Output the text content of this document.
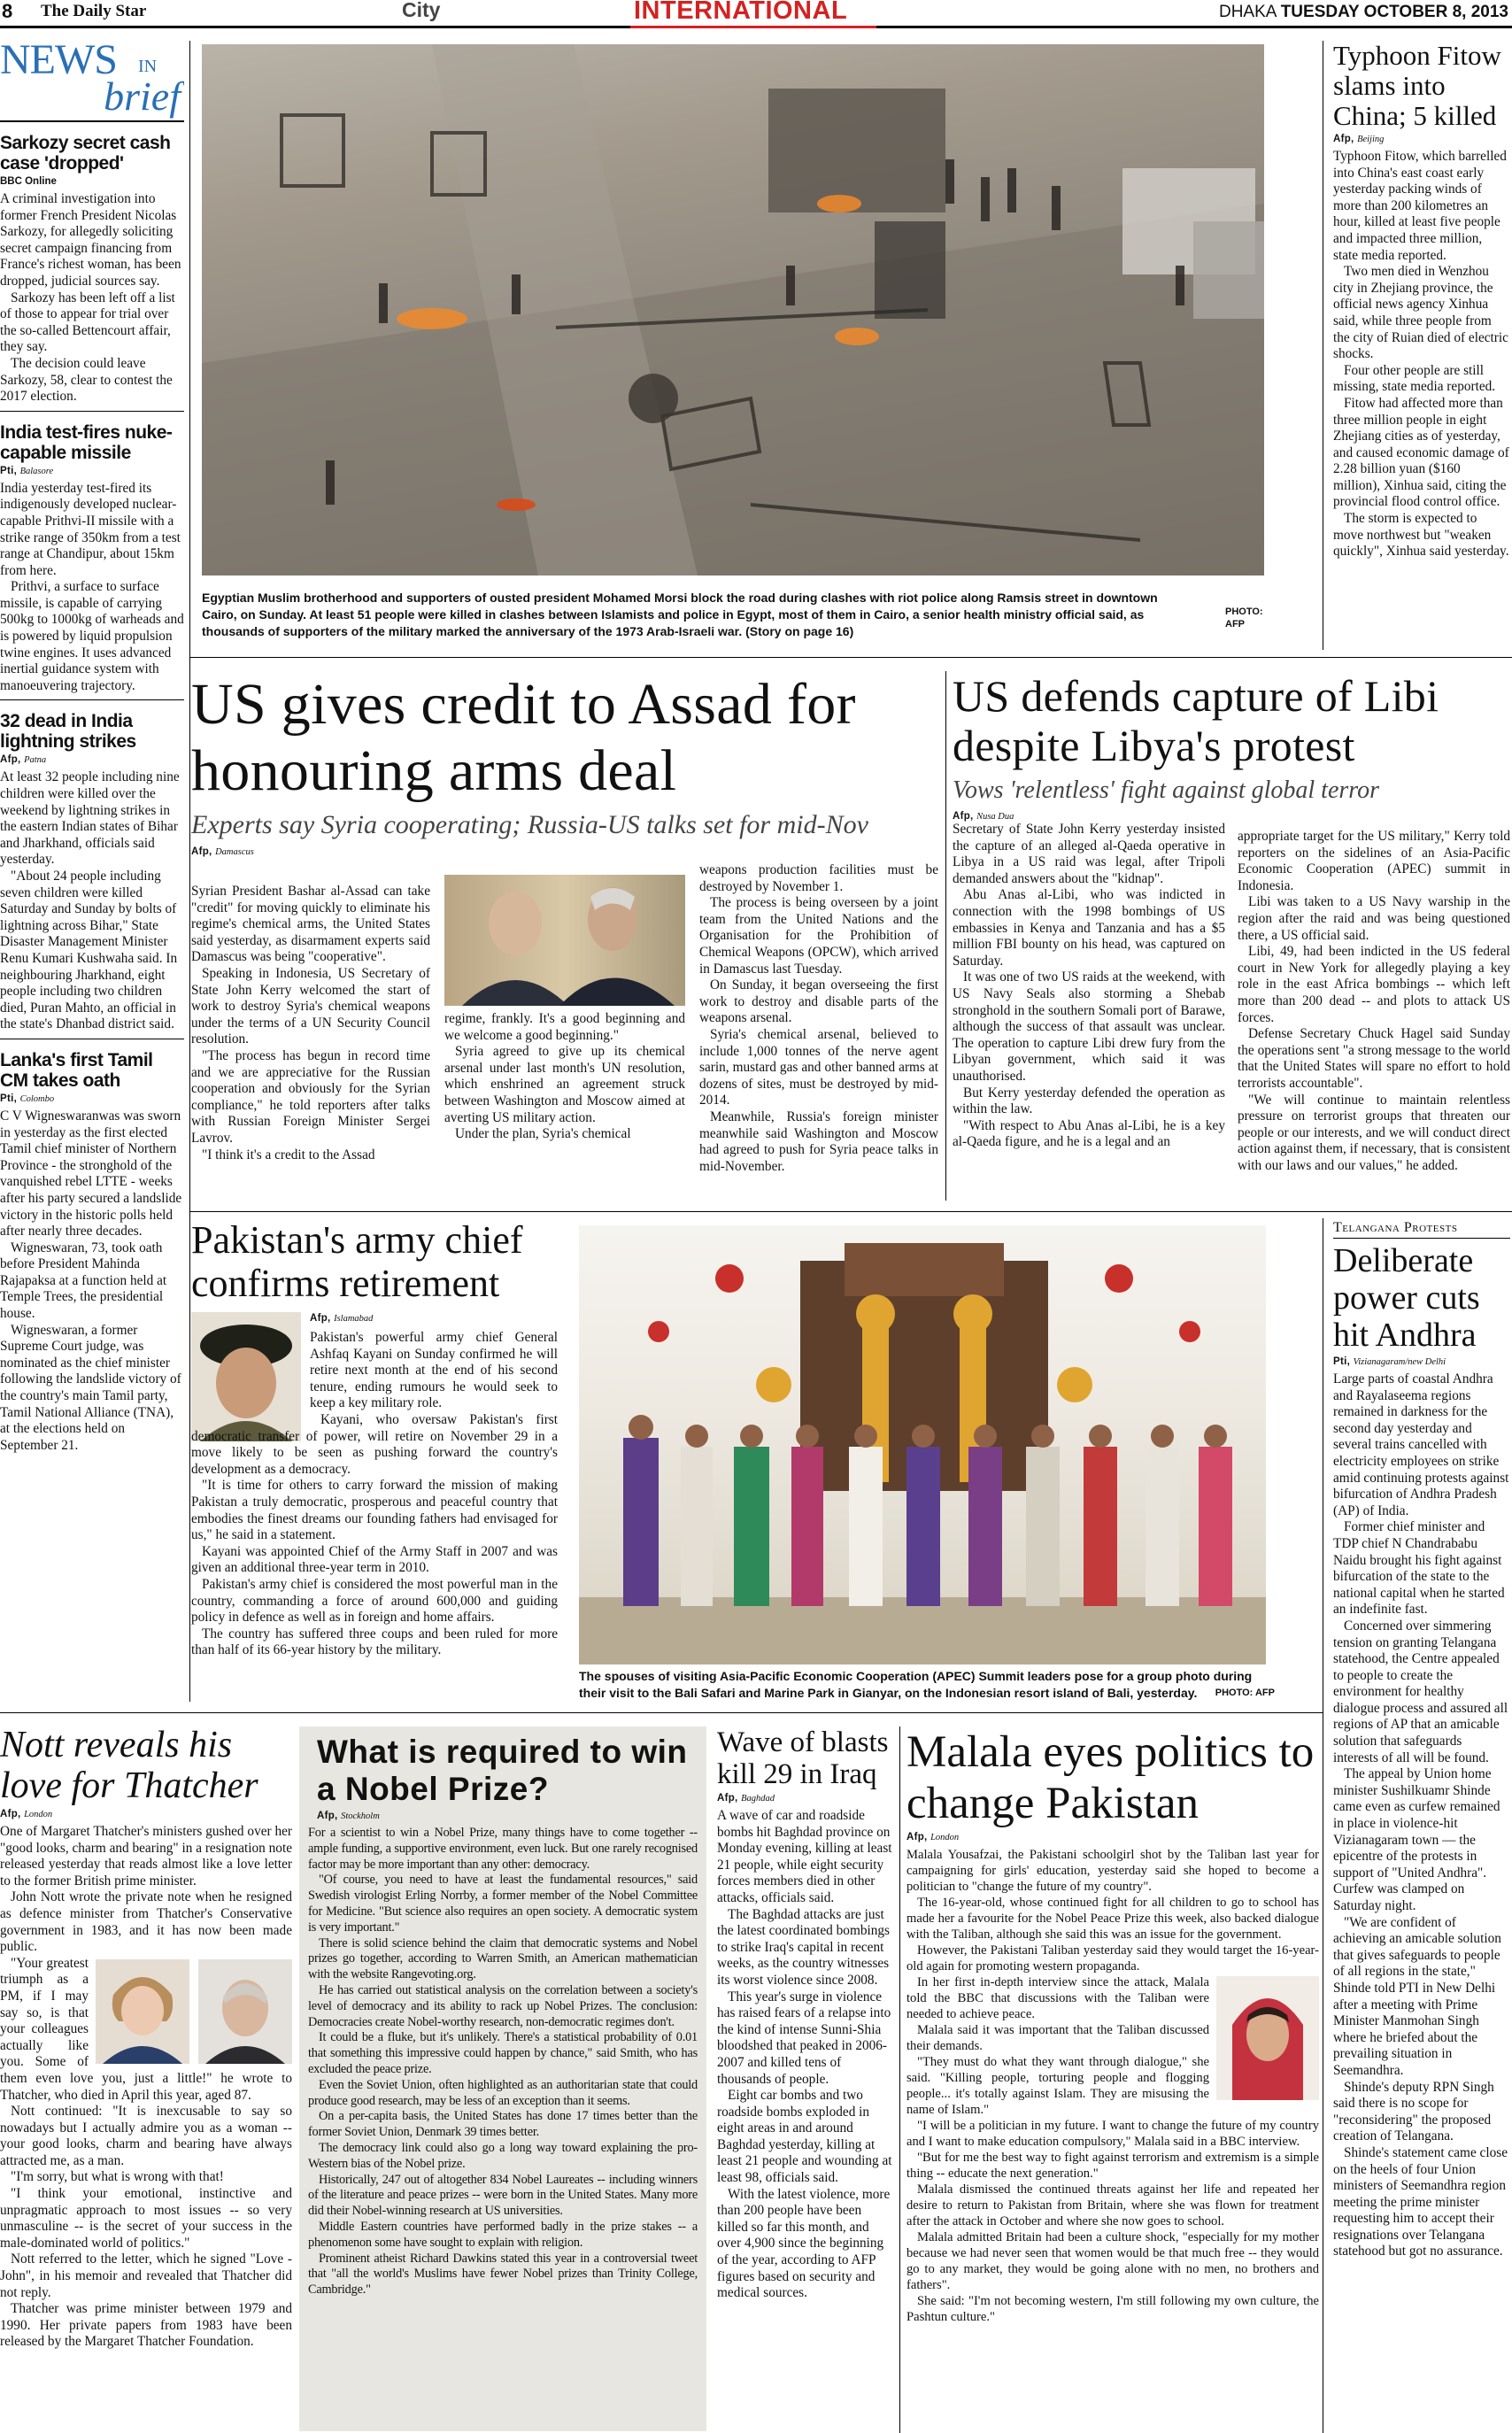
8 The Daily Star	City	INTERNATIONAL	DHAKA TUESDAY OCTOBER 8, 2013
NEWS IN
brief
Sarkozy secret cash case 'dropped'
BBC Online

A criminal investigation into former French President Nicolas Sarkozy, for allegedly soliciting secret campaign financing from France's richest woman, has been dropped, judicial sources say.

Sarkozy has been left off a list of those to appear for trial over the so-called Bettencourt affair, they say.

The decision could leave Sarkozy, 58, clear to contest the 2017 election.

India test-fires nuke-capable missile
Pti, Balasore

India yesterday test-fired its indigenously developed nuclear-capable Prithvi-II missile with a strike range of 350km from a test range at Chandipur, about 15km from here.

Prithvi, a surface to surface missile, is capable of carrying 500kg to 1000kg of warheads and is powered by liquid propulsion twine engines. It uses advanced inertial guidance system with manoeuvering trajectory.

32 dead in India lightning strikes
Afp, Patna

At least 32 people including nine children were killed over the weekend by lightning strikes in the eastern Indian states of Bihar and Jharkhand, officials said yesterday.

"About 24 people including seven children were killed Saturday and Sunday by bolts of lightning across Bihar," State Disaster Management Minister Renu Kumari Kushwaha said. In neighbouring Jharkhand, eight people including two children died, Puran Mahto, an official in the state's Dhanbad district said.

Lanka's first Tamil CM takes oath
Pti, Colombo

C V Wigneswaranwas was sworn in yesterday as the first elected Tamil chief minister of Northern Province - the stronghold of the vanquished rebel LTTE - weeks after his party secured a landslide victory in the historic polls held after nearly three decades.

Wigneswaran, 73, took oath before President Mahinda Rajapaksa at a function held at Temple Trees, the presidential house.

Wigneswaran, a former Supreme Court judge, was nominated as the chief minister following the landslide victory of the country's main Tamil party, Tamil National Alliance (TNA), at the elections held on September 21.

Egyptian Muslim brotherhood and supporters of ousted president Mohamed Morsi block the road during clashes with riot police along Ramsis street in downtown Cairo, on Sunday. At least 51 people were killed in clashes between Islamists and police in Egypt, most of them in Cairo, a senior health ministry official said, as thousands of supporters of the military marked the anniversary of the 1973 Arab-Israeli war. (Story on page 16)
PHOTO:
AFP
Typhoon Fitow slams into China; 5 killed
Afp, Beijing

Typhoon Fitow, which barrelled into China's east coast early yesterday packing winds of more than 200 kilometres an hour, killed at least five people and impacted three million, state media reported.

Two men died in Wenzhou city in Zhejiang province, the official news agency Xinhua said, while three people from the city of Ruian died of electric shocks.

Four other people are still missing, state media reported.

Fitow had affected more than three million people in eight Zhejiang cities as of yesterday, and caused economic damage of 2.28 billion yuan ($160 million), Xinhua said, citing the provincial flood control office.

The storm is expected to move northwest but "weaken quickly", Xinhua said yesterday.

US gives credit to Assad for honouring arms deal
Experts say Syria cooperating; Russia-US talks set for mid-Nov
Afp, Damascus

Syrian President Bashar al-Assad can take "credit" for moving quickly to eliminate his regime's chemical arms, the United States said yesterday, as disarmament experts said Damascus was being "cooperative".

Speaking in Indonesia, US Secretary of State John Kerry welcomed the start of work to destroy Syria's chemical weapons under the terms of a UN Security Council resolution.

"The process has begun in record time and we are appreciative for the Russian cooperation and obviously for the Syrian compliance," he told reporters after talks with Russian Foreign Minister Sergei Lavrov.

"I think it's a credit to the Assad

regime, frankly. It's a good beginning and we welcome a good beginning."

Syria agreed to give up its chemical arsenal under last month's UN resolution, which enshrined an agreement struck between Washington and Moscow aimed at averting US military action.

Under the plan, Syria's chemical

weapons production facilities must be destroyed by November 1.

The process is being overseen by a joint team from the United Nations and the Organisation for the Prohibition of Chemical Weapons (OPCW), which arrived in Damascus last Tuesday.

On Sunday, it began overseeing the first work to destroy and disable parts of the weapons arsenal.

Syria's chemical arsenal, believed to include 1,000 tonnes of the nerve agent sarin, mustard gas and other banned arms at dozens of sites, must be destroyed by mid-2014.

Meanwhile, Russia's foreign minister meanwhile said Washington and Moscow had agreed to push for Syria peace talks in mid-November.

US defends capture of Libi despite Libya's protest
Vows 'relentless' fight against global terror
Afp, Nusa Dua

Secretary of State John Kerry yesterday insisted the capture of an alleged al-Qaeda operative in Libya in a US raid was legal, after Tripoli demanded answers about the "kidnap".

Abu Anas al-Libi, who was indicted in connection with the 1998 bombings of US embassies in Kenya and Tanzania and has a $5 million FBI bounty on his head, was captured on Saturday.

It was one of two US raids at the weekend, with US Navy Seals also storming a Shebab stronghold in the southern Somali port of Barawe, although the success of that assault was unclear. The operation to capture Libi drew fury from the Libyan government, which said it was unauthorised.

But Kerry yesterday defended the operation as within the law.

"With respect to Abu Anas al-Libi, he is a key al-Qaeda figure, and he is a legal and an

appropriate target for the US military," Kerry told reporters on the sidelines of an Asia-Pacific Economic Cooperation (APEC) summit in Indonesia.

Libi was taken to a US Navy warship in the region after the raid and was being questioned there, a US official said.

Libi, 49, had been indicted in the US federal court in New York for allegedly playing a key role in the east Africa bombings -- which left more than 200 dead -- and plots to attack US forces.

Defense Secretary Chuck Hagel said Sunday the operations sent "a strong message to the world that the United States will spare no effort to hold terrorists accountable".

"We will continue to maintain relentless pressure on terrorist groups that threaten our people or our interests, and we will conduct direct action against them, if necessary, that is consistent with our laws and our values," he added.

Pakistan's army chief confirms retirement
Afp, Islamabad

Pakistan's powerful army chief General Ashfaq Kayani on Sunday confirmed he will retire next month at the end of his second tenure, ending rumours he would seek to keep a key military role.

Kayani, who oversaw Pakistan's first democratic transfer of power, will retire on November 29 in a move likely to be seen as pushing forward the country's development as a democracy.

"It is time for others to carry forward the mission of making Pakistan a truly democratic, prosperous and peaceful country that embodies the finest dreams our founding fathers had envisaged for us," he said in a statement.

Kayani was appointed Chief of the Army Staff in 2007 and was given an additional three-year term in 2010.

Pakistan's army chief is considered the most powerful man in the country, commanding a force of around 600,000 and guiding policy in defence as well as in foreign and home affairs.

The country has suffered three coups and been ruled for more than half of its 66-year history by the military.

The spouses of visiting Asia-Pacific Economic Cooperation (APEC) Summit leaders pose for a group photo during their visit to the Bali Safari and Marine Park in Gianyar, on the Indonesian resort island of Bali, yesterday.	PHOTO: AFP
Telangana Protests
Deliberate power cuts hit Andhra
Pti, Vizianagaram/new Delhi

Large parts of coastal Andhra and Rayalaseema regions remained in darkness for the second day yesterday and several trains cancelled with electricity employees on strike amid continuing protests against bifurcation of Andhra Pradesh (AP) of India.

Former chief minister and TDP chief N Chandrababu Naidu brought his fight against bifurcation of the state to the national capital when he started an indefinite fast.

Concerned over simmering tension on granting Telangana statehood, the Centre appealed to people to create the environment for healthy dialogue process and assured all regions of AP that an amicable solution that safeguards interests of all will be found.

The appeal by Union home minister Sushilkuamr Shinde came even as curfew remained in place in violence-hit Vizianagaram town — the epicentre of the protests in support of "United Andhra". Curfew was clamped on Saturday night.

"We are confident of achieving an amicable solution that gives safeguards to people of all regions in the state," Shinde told PTI in New Delhi after a meeting with Prime Minister Manmohan Singh where he briefed about the prevailing situation in Seemandhra.

Shinde's deputy RPN Singh said there is no scope for "reconsidering" the proposed creation of Telangana.

Shinde's statement came close on the heels of four Union ministers of Seemandhra region meeting the prime minister requesting him to accept their resignations over Telangana statehood but got no assurance.

Nott reveals his love for Thatcher
Afp, London

One of Margaret Thatcher's ministers gushed over her "good looks, charm and bearing" in a resignation note released yesterday that reads almost like a love letter to the former British prime minister.

John Nott wrote the private note when he resigned as defence minister from Thatcher's Conservative government in 1983, and it has now been made public.

"Your greatest triumph as a PM, if I may say so, is that your colleagues actually like you. Some of them even love you, just a little!" he wrote to Thatcher, who died in April this year, aged 87.

Nott continued: "It is inexcusable to say so nowadays but I actually admire you as a woman -- your good looks, charm and bearing have always attracted me, as a man.

"I'm sorry, but what is wrong with that!

"I think your emotional, instinctive and unpragmatic approach to most issues -- so very unmasculine -- is the secret of your success in the male-dominated world of politics."

Nott referred to the letter, which he signed "Love - John", in his memoir and revealed that Thatcher did not reply.

Thatcher was prime minister between 1979 and 1990. Her private papers from 1983 have been released by the Margaret Thatcher Foundation.

What is required to win a Nobel Prize?
Afp, Stockholm

For a scientist to win a Nobel Prize, many things have to come together -- ample funding, a supportive environment, even luck. But one rarely recognised factor may be more important than any other: democracy.

"Of course, you need to have at least the fundamental resources," said Swedish virologist Erling Norrby, a former member of the Nobel Committee for Medicine. "But science also requires an open society. A democratic system is very important."

There is solid science behind the claim that democratic systems and Nobel prizes go together, according to Warren Smith, an American mathematician with the website Rangevoting.org.

He has carried out statistical analysis on the correlation between a society's level of democracy and its ability to rack up Nobel Prizes. The conclusion: Democracies create Nobel-worthy research, non-democratic regimes don't.

It could be a fluke, but it's unlikely. There's a statistical probability of 0.01 that something this impressive could happen by chance," said Smith, who has excluded the peace prize.

Even the Soviet Union, often highlighted as an authoritarian state that could produce good research, may be less of an exception than it seems.

On a per-capita basis, the United States has done 17 times better than the former Soviet Union, Denmark 39 times better.

The democracy link could also go a long way toward explaining the pro-Western bias of the Nobel prize.

Historically, 247 out of altogether 834 Nobel Laureates -- including winners of the literature and peace prizes -- were born in the United States. Many more did their Nobel-winning research at US universities.

Middle Eastern countries have performed badly in the prize stakes -- a phenomenon some have sought to explain with religion.

Prominent atheist Richard Dawkins stated this year in a controversial tweet that "all the world's Muslims have fewer Nobel prizes than Trinity College, Cambridge."

Wave of blasts kill 29 in Iraq
Afp, Baghdad

A wave of car and roadside bombs hit Baghdad province on Monday evening, killing at least 21 people, while eight security forces members died in other attacks, officials said.

The Baghdad attacks are just the latest coordinated bombings to strike Iraq's capital in recent weeks, as the country witnesses its worst violence since 2008.

This year's surge in violence has raised fears of a relapse into the kind of intense Sunni-Shia bloodshed that peaked in 2006-2007 and killed tens of thousands of people.

Eight car bombs and two roadside bombs exploded in eight areas in and around Baghdad yesterday, killing at least 21 people and wounding at least 98, officials said.

With the latest violence, more than 200 people have been killed so far this month, and over 4,900 since the beginning of the year, according to AFP figures based on security and medical sources.

Malala eyes politics to change Pakistan
Afp, London

Malala Yousafzai, the Pakistani schoolgirl shot by the Taliban last year for campaigning for girls' education, yesterday said she hoped to become a politician to "change the future of my country".

The 16-year-old, whose continued fight for all children to go to school has made her a favourite for the Nobel Peace Prize this week, also backed dialogue with the Taliban, although she said this was an issue for the government.

However, the Pakistani Taliban yesterday said they would target the 16-year-old again for promoting western propaganda.

In her first in-depth interview since the attack, Malala told the BBC that discussions with the Taliban were needed to achieve peace.

Malala said it was important that the Taliban discussed their demands.

"They must do what they want through dialogue," she said. "Killing people, torturing people and flogging people... it's totally against Islam. They are misusing the name of Islam."

"I will be a politician in my future. I want to change the future of my country and I want to make education compulsory," Malala said in a BBC interview.

"But for me the best way to fight against terrorism and extremism is a simple thing -- educate the next generation."

Malala dismissed the continued threats against her life and repeated her desire to return to Pakistan from Britain, where she was flown for treatment after the attack in October and where she now goes to school.

Malala admitted Britain had been a culture shock, "especially for my mother because we had never seen that women would be that much free -- they would go to any market, they would be going alone with no men, no brothers and fathers".

She said: "I'm not becoming western, I'm still following my own culture, the Pashtun culture."
